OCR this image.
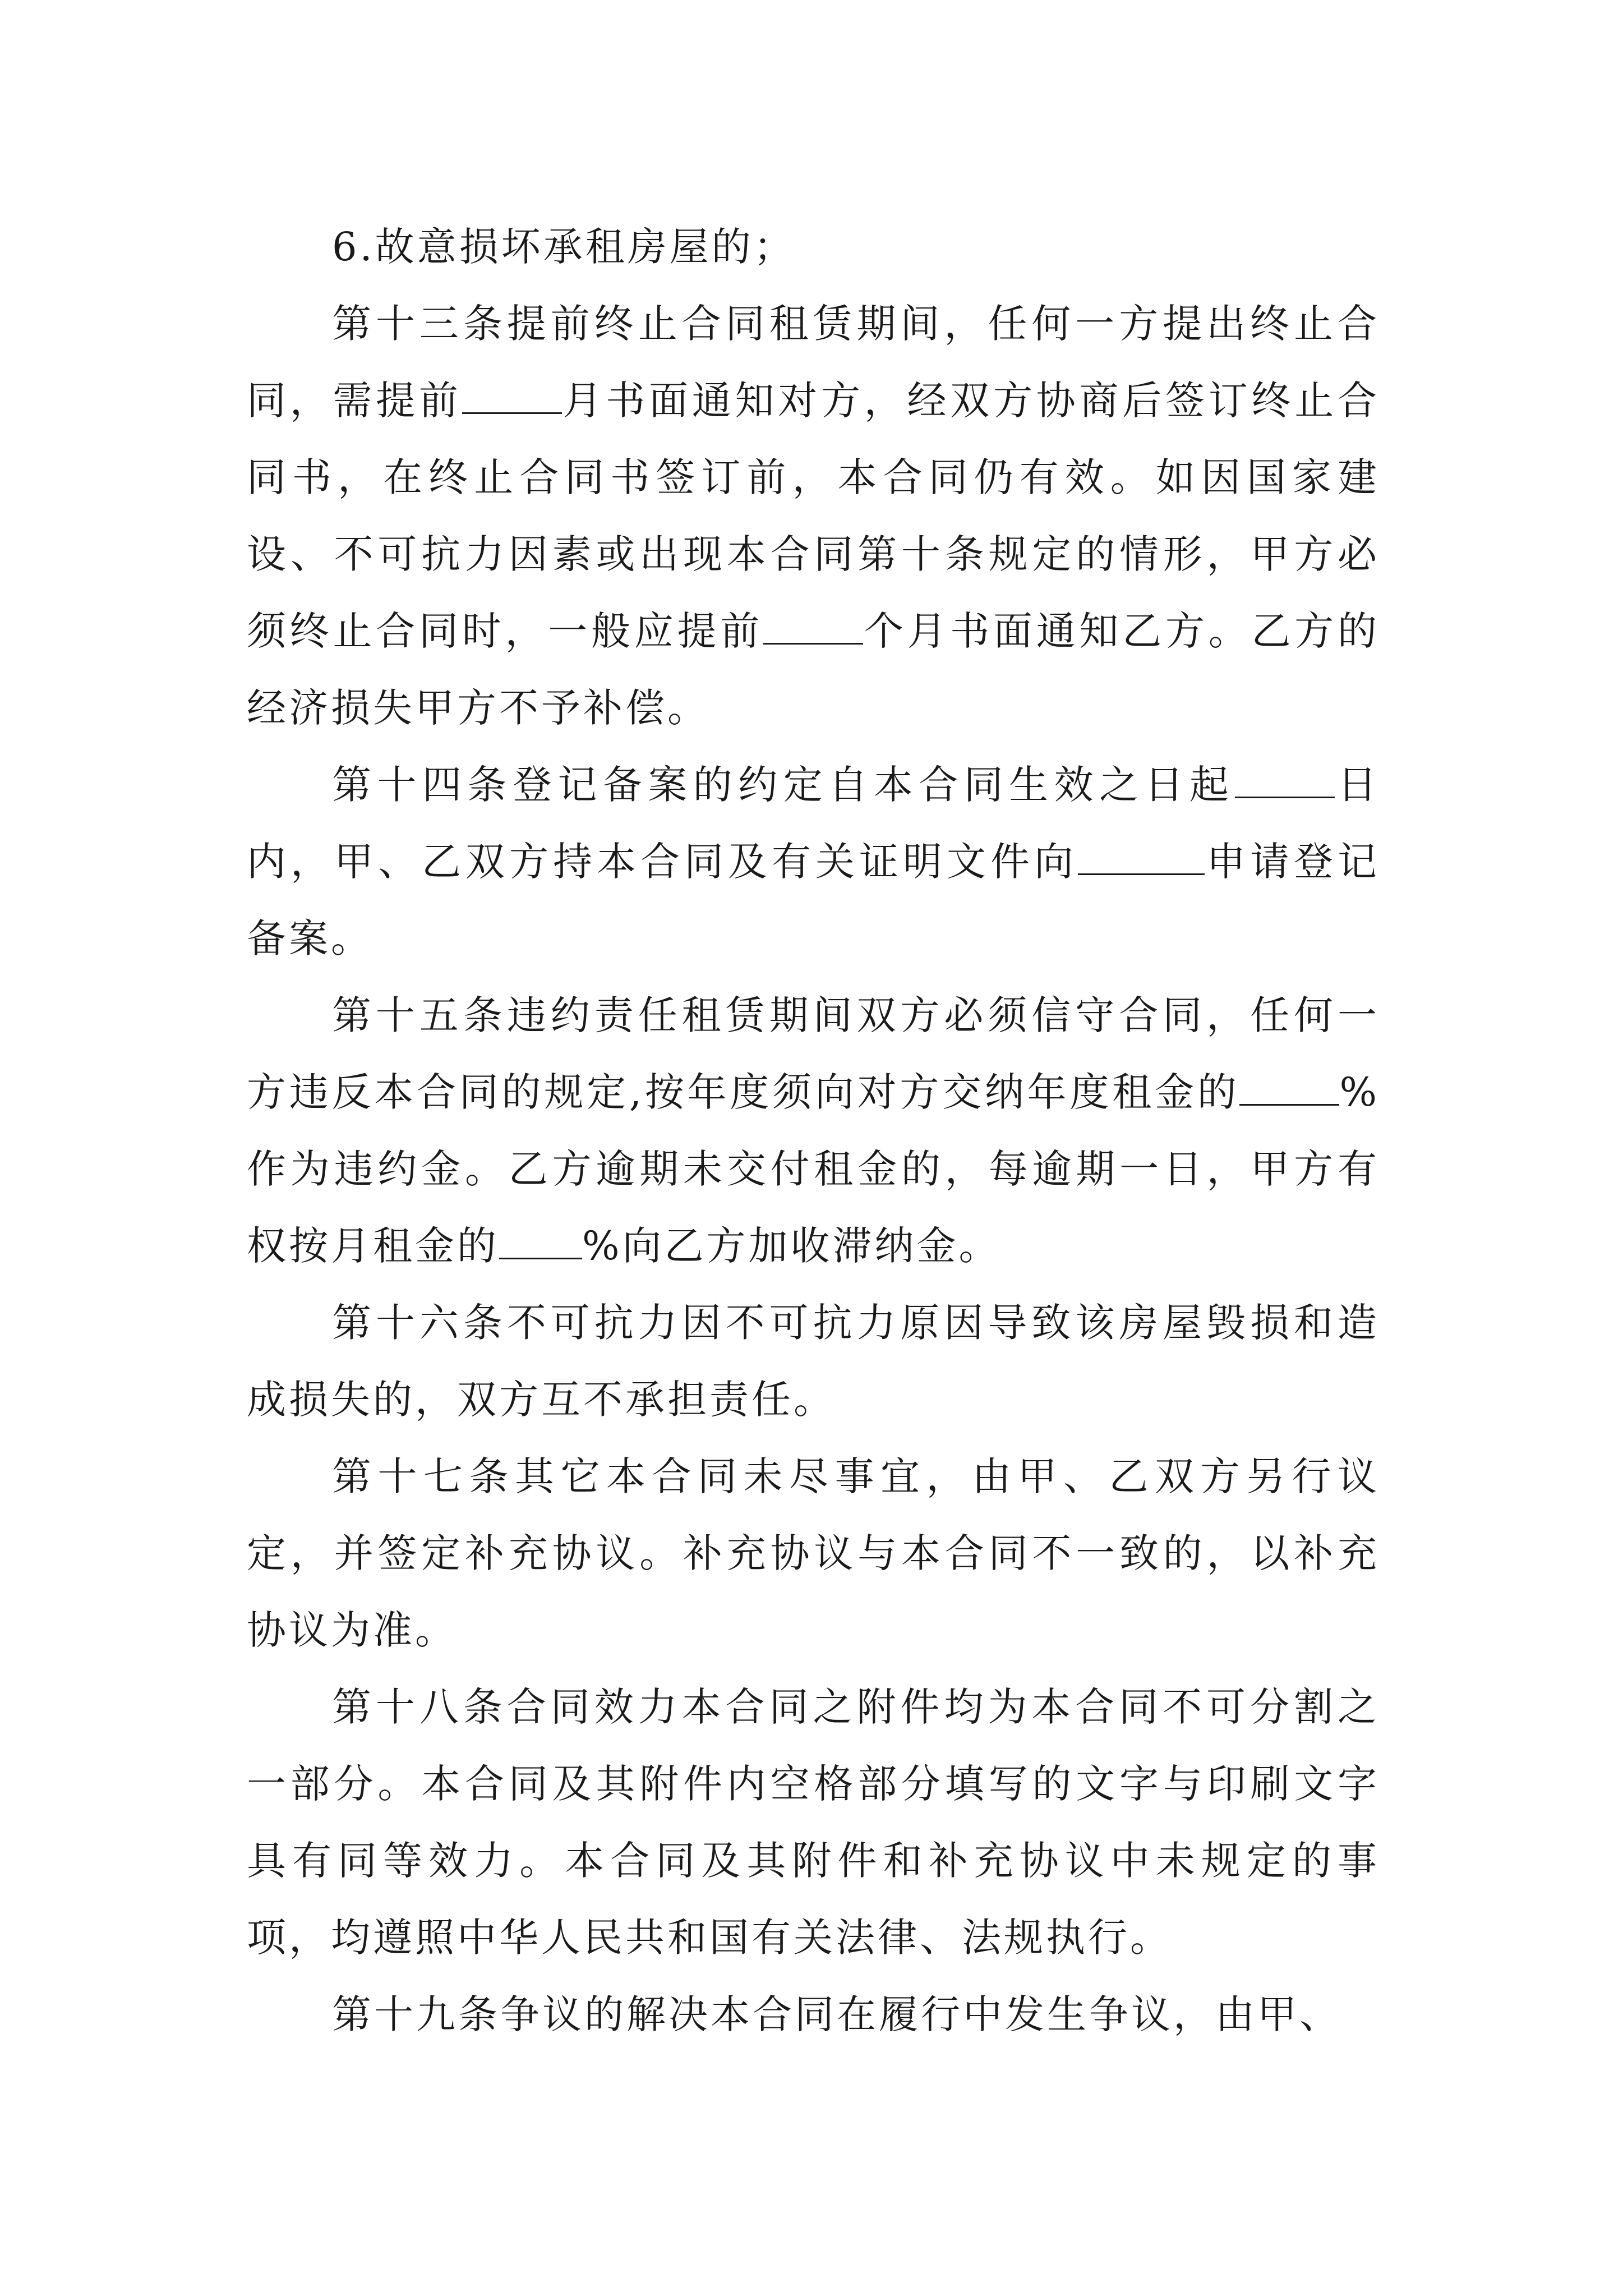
6.故意损坏承租房屋的；

第十三条提前终止合同租赁期间，任何一方提出终止合同，需提前	月书面通知对方，经双方协商后签订终止合同书，在终止合同书签订前，本合同仍有效。如因国家建设、不可抗力因素或出现本合同第十条规定的情形，甲方必须终止合同时，一般应提前	个月书面通知乙方。乙方的经济损失甲方不予补偿。

第十四条登记备案的约定自本合同生效之日起	日内，甲、乙双方持本合同及有关证明文件向	申请登记备案。

第十五条违约责任租赁期间双方必须信守合同，任何一方违反本合同的规定,按年度须向对方交纳年度租金的	%作为违约金。乙方逾期未交付租金的，每逾期一日，甲方有权按月租金的 %向乙方加收滞纳金。

第十六条不可抗力因不可抗力原因导致该房屋毁损和造成损失的，双方互不承担责任。

第十七条其它本合同未尽事宜，由甲、乙双方另行议定，并签定补充协议。补充协议与本合同不一致的，以补充协议为准。

第十八条合同效力本合同之附件均为本合同不可分割之一部分。本合同及其附件内空格部分填写的文字与印刷文字具有同等效力。本合同及其附件和补充协议中未规定的事项，均遵照中华人民共和国有关法律、法规执行。

第十九条争议的解决本合同在履行中发生争议，由甲、
